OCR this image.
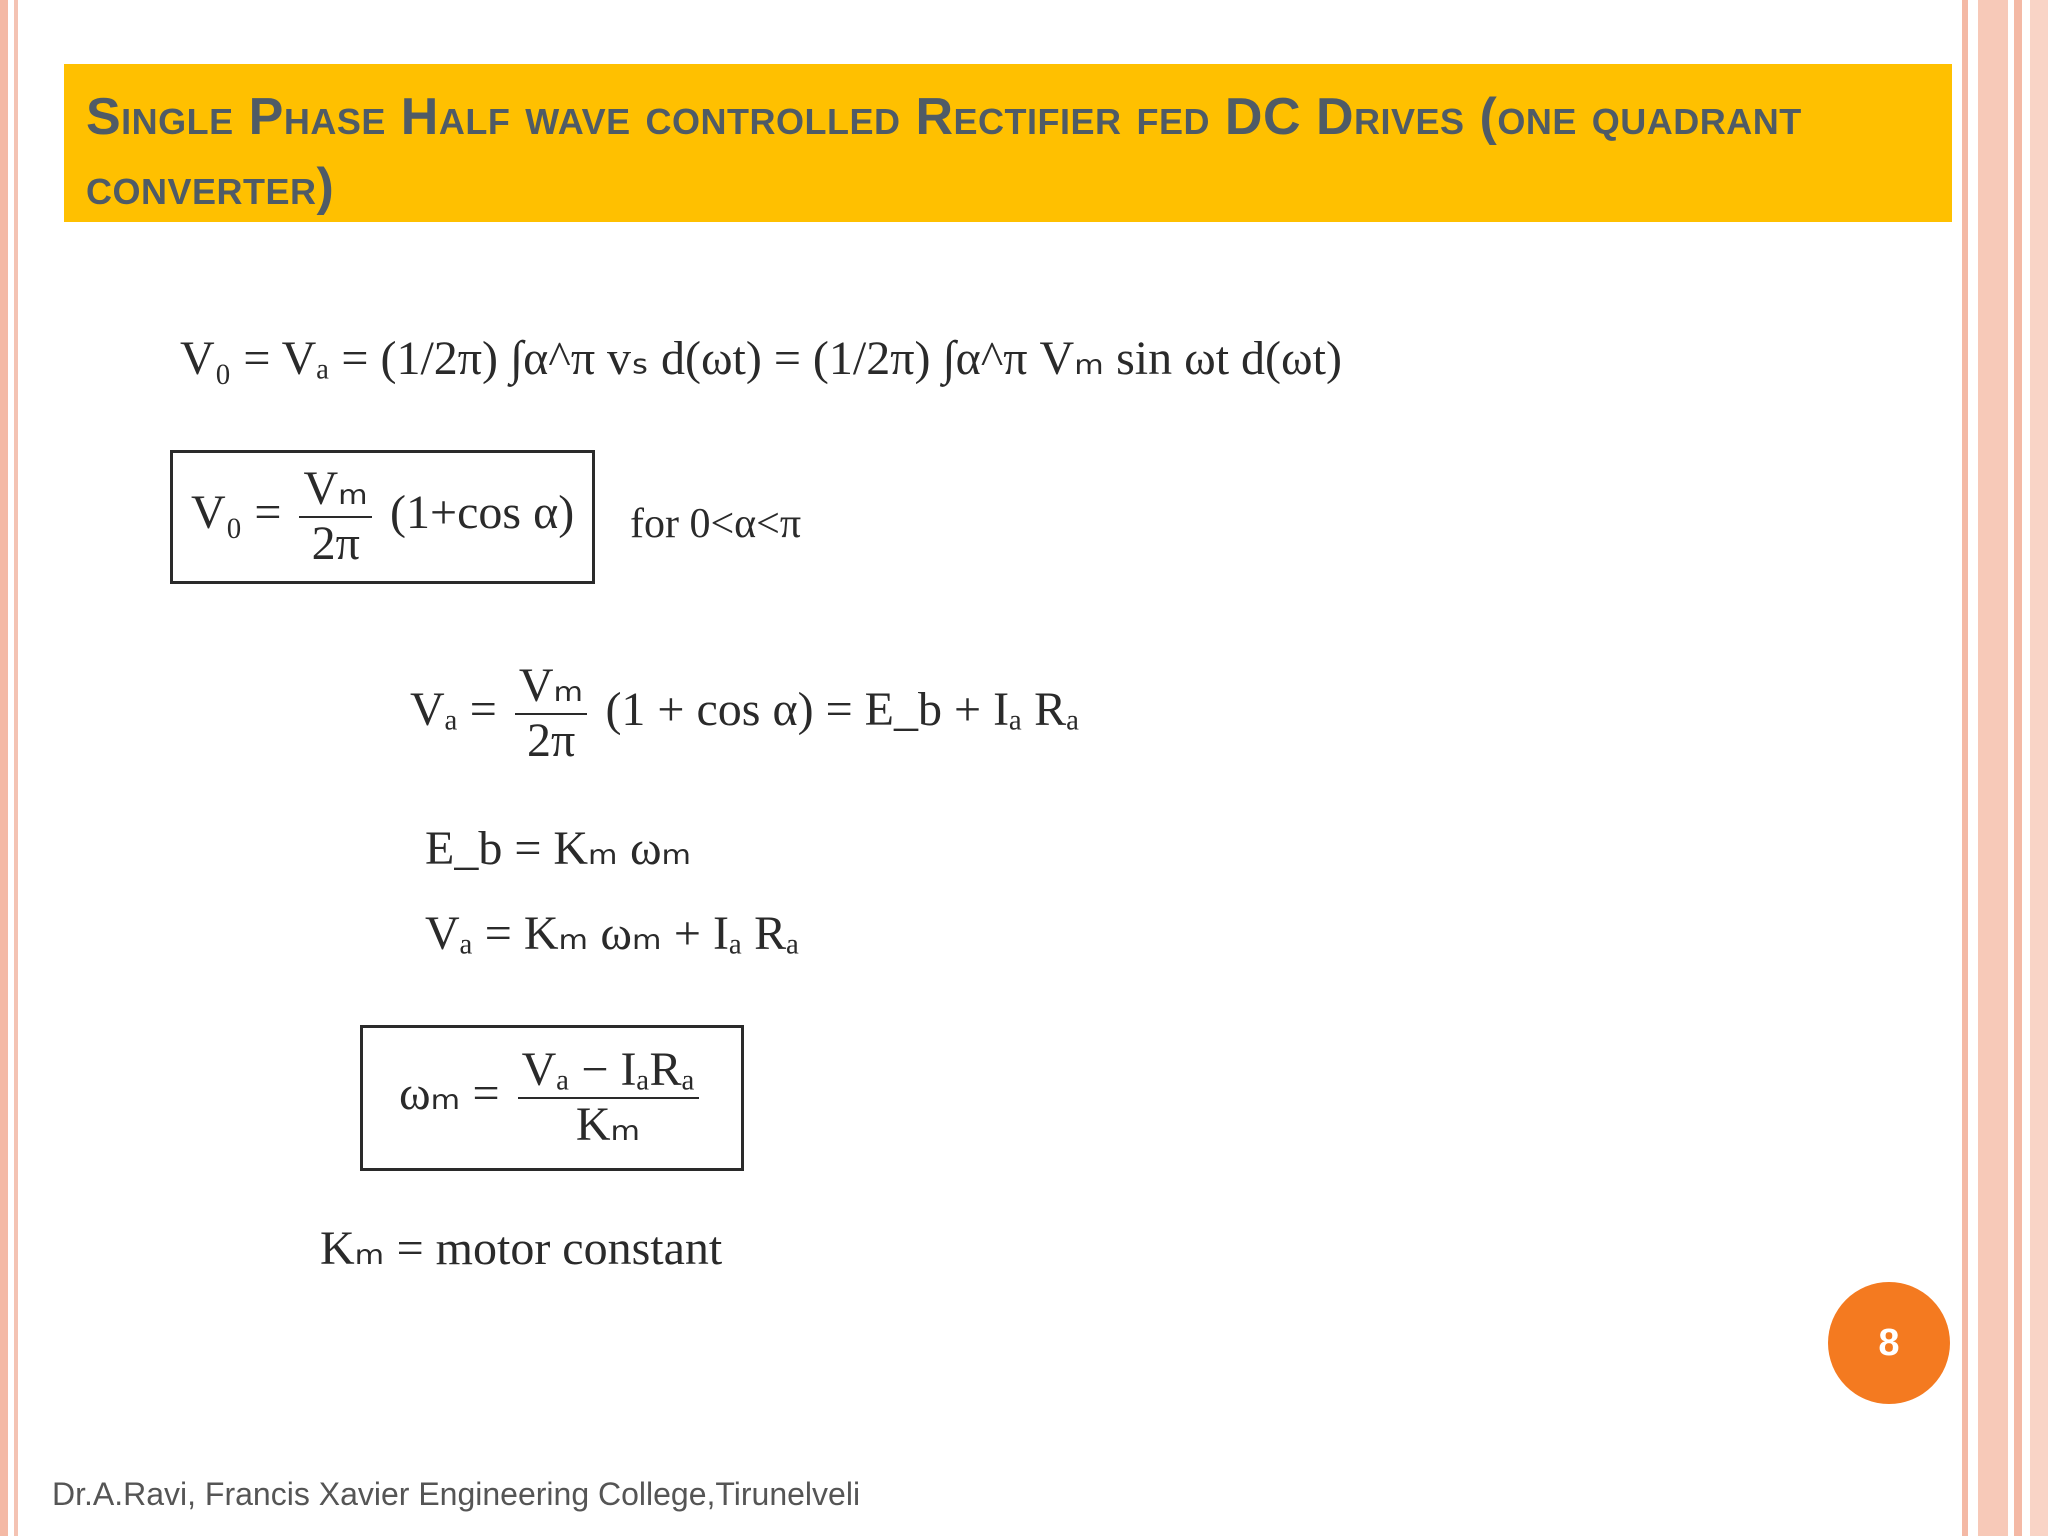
Single Phase Half wave controlled Rectifier fed DC Drives (one quadrant converter)
V₀ = Vₐ = (1/2π) ∫α^π vₛ d(ωt) = (1/2π) ∫α^π Vₘ sin ωt d(ωt)
$V_0 = \frac{\text{Vₘ}}{2\pi} (1+\cos$ α)	for 0<α<π
$V_a = \frac{\text{Vₘ}}{2\pi} (1 + \cos \alpha)$ = E_b + Iₐ Rₐ
E_b = Kₘ ωₘ
Vₐ = Kₘ ωₘ + Iₐ Rₐ
$\omega_m = \frac{\text{Vₐ − IₐRₐ}}{\text{Kₘ}}$
Kₘ = motor constant
8
Dr.A.Ravi, Francis Xavier Engineering College,Tirunelveli
